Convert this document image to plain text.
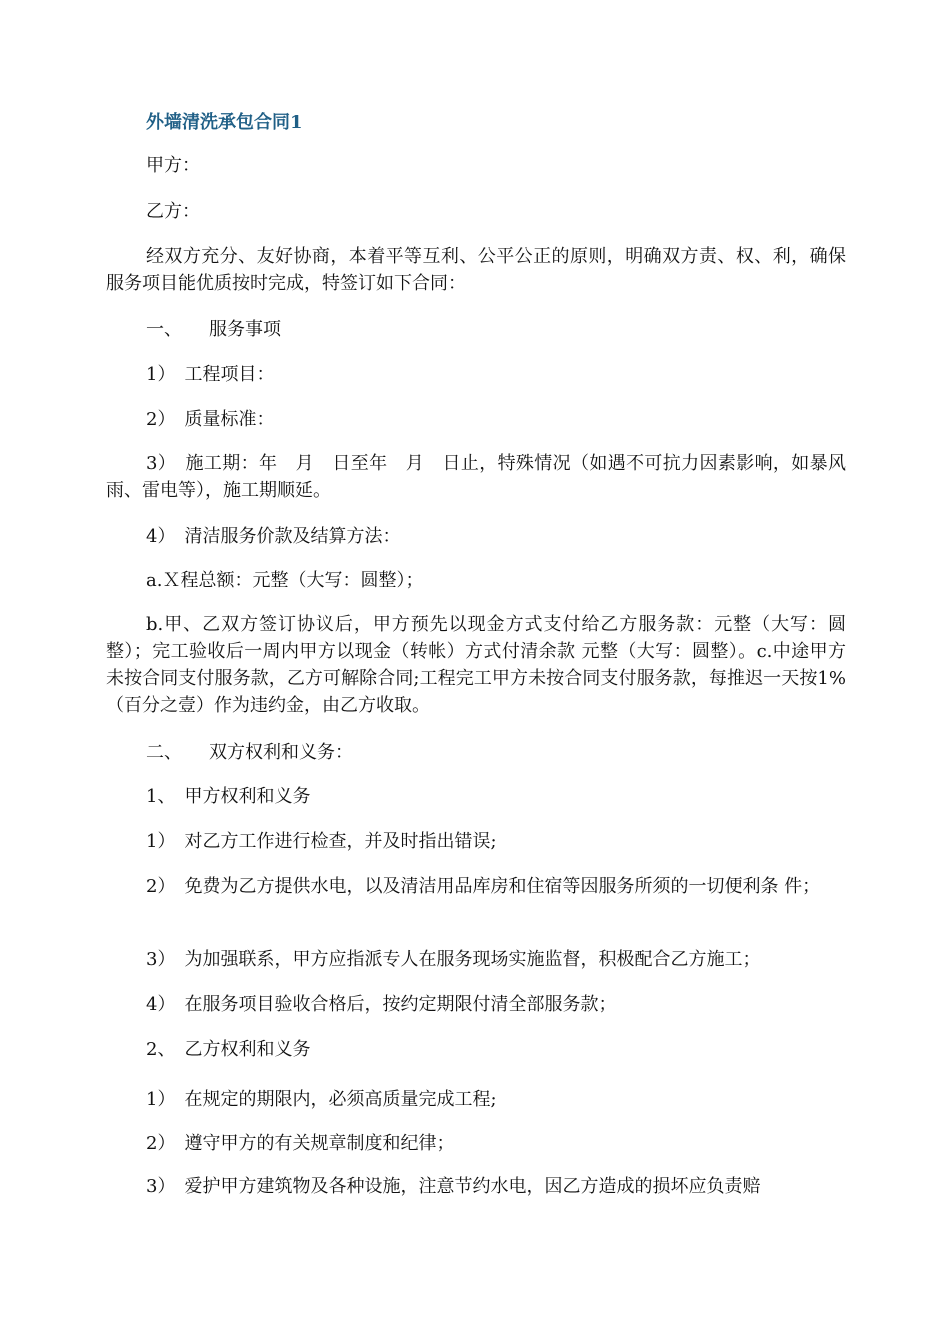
外墙清洗承包合同1
甲方：
乙方：
经双方充分、友好协商，本着平等互利、公平公正的原则，明确双方责、权、利，确保服务项目能优质按时完成，特签订如下合同：
一、　　服务事项
1）　工程项目：
2）　质量标准：
3）　施工期：年　月　日至年　月　日止，特殊情况（如遇不可抗力因素影响，如暴风雨、雷电等），施工期顺延。
4）　清洁服务价款及结算方法：
a.Ｘ程总额：元整（大写：圆整）；
b.甲、乙双方签订协议后，甲方预先以现金方式支付给乙方服务款：元整（大写：圆整）；完工验收后一周内甲方以现金（转帐）方式付清余款 元整（大写：圆整）。c.中途甲方未按合同支付服务款，乙方可解除合同;工程完工甲方未按合同支付服务款，每推迟一天按1%（百分之壹）作为违约金，由乙方收取。
二、　　双方权利和义务：
1、　甲方权利和义务
1）　对乙方工作进行检查，并及时指出错误;
2）　免费为乙方提供水电，以及清洁用品库房和住宿等因服务所须的一切便利条 件；
3）　为加强联系，甲方应指派专人在服务现场实施监督，积极配合乙方施工；
4）　在服务项目验收合格后，按约定期限付清全部服务款；
2、　乙方权利和义务
1）　在规定的期限内，必须高质量完成工程;
2）　遵守甲方的有关规章制度和纪律；
3）　爱护甲方建筑物及各种设施，注意节约水电，因乙方造成的损坏应负责赔
